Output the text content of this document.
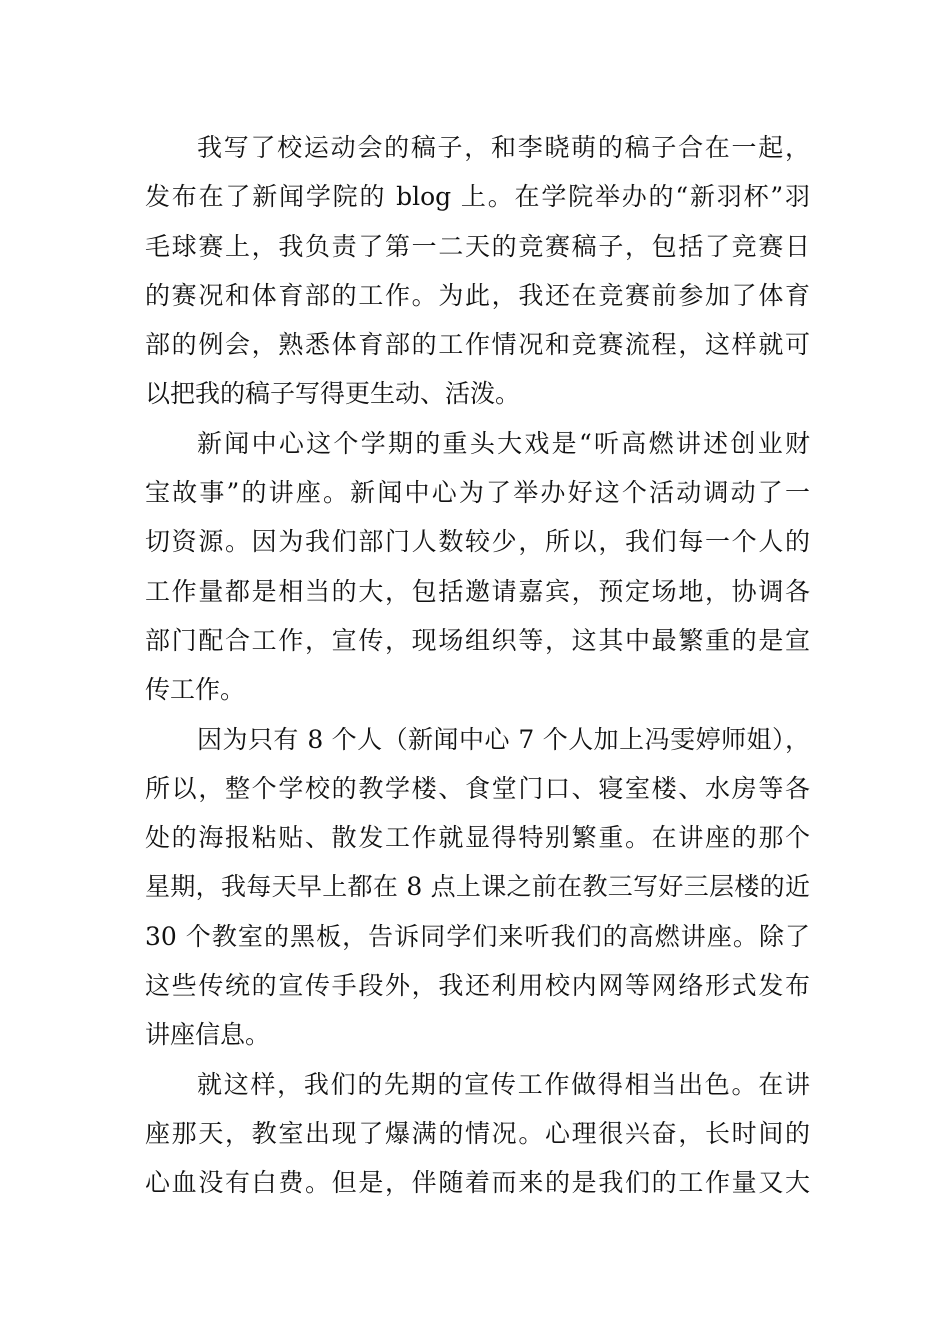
我写了校运动会的稿子，和李晓萌的稿子合在一起，
发布在了新闻学院的 blog 上。在学院举办的“新羽杯”羽
毛球赛上，我负责了第一二天的竞赛稿子，包括了竞赛日
的赛况和体育部的工作。为此，我还在竞赛前参加了体育
部的例会，熟悉体育部的工作情况和竞赛流程，这样就可
以把我的稿子写得更生动、活泼。
新闻中心这个学期的重头大戏是“听高燃讲述创业财
宝故事”的讲座。新闻中心为了举办好这个活动调动了一
切资源。因为我们部门人数较少，所以，我们每一个人的
工作量都是相当的大，包括邀请嘉宾，预定场地，协调各
部门配合工作，宣传，现场组织等，这其中最繁重的是宣
传工作。
因为只有 8 个人（新闻中心 7 个人加上冯雯婷师姐），
所以，整个学校的教学楼、食堂门口、寝室楼、水房等各
处的海报粘贴、散发工作就显得特别繁重。在讲座的那个
星期，我每天早上都在 8 点上课之前在教三写好三层楼的近
30 个教室的黑板，告诉同学们来听我们的高燃讲座。除了
这些传统的宣传手段外，我还利用校内网等网络形式发布
讲座信息。
就这样，我们的先期的宣传工作做得相当出色。在讲
座那天，教室出现了爆满的情况。心理很兴奋，长时间的
心血没有白费。但是，伴随着而来的是我们的工作量又大
